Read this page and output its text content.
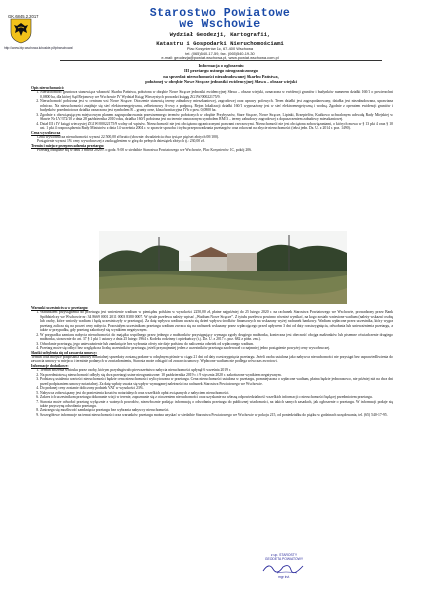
GK.6845.2.2017
http://www.bip.wschowa.lubuskie.pl/ipbwschowa/
Starostwo Powiatowe
we Wschowie
Wydział Geodezji, Kartografii,
Katastru i Gospodarki Nieruchomościami
Plac Kosynierów 1c, 67-400 Wschowa
tel. (065)540-17-59, fax. (065)540-19-30
e-mail: geodezja@powiat.wschowa.pl, www.powiat.wschowa.com.pl
Informacja o ogłoszeniu
III przetargu ustnego nieograniczonego
na sprzedaż nieruchomości niezabudowanej Skarbu Państwa,
położonej w obrębie Nowe Strącze jednostki ewidencyjnej Sława – obszar wiejski

Opis nieruchomości:

1. Nieruchomość gruntowa stanowiąca własność Skarbu Państwa, położona w obrębie Nowe Strącze jednostki ewidencyjnej Sława – obszar wiejski, oznaczona w ewidencji gruntów i budynków numerem działki 160/1 o powierzchni 0,0800 ha, dla której Sąd Rejonowy we Wschowie IV Wydział Ksiąg Wieczystych prowadzi księgę ZG1W/00022175/9.
2. Nieruchomość położona jest w centrum wsi Nowe Strącze. Otoczenie stanowią tereny zabudowy mieszkaniowej, zagrodowej oraz uprawy polowych. Teren działki jest zagospodarowany, działka jest niezabudowana, uprawiana rolniczo. Na nieruchomości znajduje się sieć elektroenergetyczna, zelbetonowy A-owy z podporą. Rejon lokalizacji działki 160/1 wyposażony jest w sieć elektroenergetyczną i wodną. Zgodnie z operatem ewidencji gruntów i budynków przedmiotowa działka oznaczona jest symbolem R – grunty orne, klasa bonitacyjna IVb o pow. 0,0800 ha.
3. Zgodnie z obowiązującym miejscowym planem zagospodarowania przestrzennego terenów położonych w obrębie Przybyszów, Stare Strącze, Nowe Strącze, Lipinki, Krzepielów, Kuźkowo uchwalonym uchwałą Rady Miejskiej w Sławie Nr LV/372/10 z dnia 28 października 2010 roku, działka 160/1 położona jest na terenie oznaczonym symbolem RM/3 – tereny zabudowy zagrodowej z dopuszczeniem zabudowy mieszkaniowej.
4. Dział III i IV księgi wieczystej ZG1W/00022175/9 wolny od wpisów. Nieruchomość nie jest obciążona ograniczonymi prawami rzeczowymi. Nieruchomość nie jest obciążona zobowiązaniami, o których mowa w § 13 pkt 4 oraz § 10 ust. 1 pkt 4 rozporządzenia Rady Ministrów z dnia 14 września 2004 r. w sprawie sposobu i trybu przeprowadzania przetargów oraz rokowań na zbycie nieruchomości (tekst jedn. Dz. U. z 2014 r. poz. 1490).

Cena wywoławcza

Cena wywoławcza nieruchomości wynosi 22 500,00 zł brutto (słownie: dwadzieścia dwa tysiące pięćset złotych 00/100).

Postąpienie wynosi 1% ceny wywoławczej z zaokrągleniem w górę do pełnych dziesiątek złotych tj.: 230,00 zł.

Termin i miejsce przeprowadzenia przetargu:

Przetarg odbędzie się w dniu 3 marca 2020 r. o godz. 9:00 w siedzibie Starostwa Powiatowego we Wschowie, Plac Kosynierów 1C, pokój 206.

Warunki uczestnictwa w przetargu:

1. Warunkiem przystąpienia do przetargu jest wniesienie wadium w pieniądzu polskim w wysokości 2250,00 zł, płatne najpóźniej do 25 lutego 2020 r. na rachunek Starostwa Powiatowego we Wschowie, prowadzony przez Bank Spółdzielczy we Wschowie nr: 34 8669 0001 2011 0003 8380 0007. W tytule przelewu należy wpisać „Wadium Nowe Strącze”. Z tytułu przelewu powinno również wynikać, na kogo zostało wniesione wadium (należy wskazać osobę lub osoby, które wniosły wadium i będą uczestniczyły w przetargu). Za datę wpływu wadium uważa się dzień wpływu środków finansowych na wskazany wyżej rachunek bankowy. Wadium wpłacone przez uczestnika, który wygra przetarg zalicza się na poczet ceny nabycia. Pozostałym uczestnikom przetargu wadium zwraca się na rachunek wskazany przez wpłacającego przed upływem 3 dni od daty rozstrzygnięcia, odwołania lub unieważnienia przetargu, a także w przypadku, gdy przetarg zakończył się wynikiem negatywnym.
2. W przypadku zamiaru nabycia nieruchomości do majątku wspólnego przez jednego z małżonków przystępujący wymaga zgody drugiego małżonka, konieczna jest obecność obojga małżonków lub pisemne oświadczenie drugiego małżonka, stosownie do art. 37 § 1 pkt 1 ustawy z dnia 25 lutego 1964 r. Kodeks rodzinny i opiekuńczy (t.j. Dz. U. z 2017 r. poz. 682 z późn. zm.).
3. Odwołanie przetargu, jego unieważnienie lub zamknięcie bez wybrania oferty nie daje podstaw do naliczenia odsetek od wpłaconego wadium.
4. Przetarg może się odbyć bez względu na liczbę uczestników przetargu, jeżeli przynajmniej jeden z uczestników przetargu zaoferował co najmniej jedno postąpienie powyżej ceny wywoławczej.

Skutki uchylenia się od zawarcia umowy:

Termin oraz miejsce podpisania umowy notarialnej sprzedaży zostaną podane w odrębnym piśmie w ciągu 21 dni od daty rozstrzygnięcia przetargu. Jeżeli osoba ustalona jako nabywca nieruchomości nie przystąpi bez usprawiedliwienia do zawarcia umowy w miejscu i terminie podanych w zawiadomieniu, Starosta może odstąpić od zawarcia umowy. Wpłacone wadium nie podlega wówczas zwrotowi.

Informacje dodatkowe:

1. Termin złożenia wniosku przez osoby, którym przysługiwało pierwszeństwo nabycia nieruchomości upłynął 6 września 2019 r.
2. Na przedmiotową nieruchomość odbyły się dwa przetargi ustne nieograniczone: 10 października 2019 r. i 9 stycznia 2020 r. zakończone wynikiem negatywnym.
3. Podstawą ustalenia wartości nieruchomości będzie cena nieruchomości wylicytowana w przetargu. Cena nieruchomości ustalona w przetargu, pomniejszona o wpłacone wadium, płatna będzie jednorazowo, nie później niż na dwa dni przed podpisaniem umowy notarialnej. Za datę wpłaty uważa się wpływ wymaganej należności na rachunek Starostwa Powiatowego we Wschowie.
4. Do podanej ceny zostanie doliczony podatek VAT w wysokości 23%.
5. Nabywca zobowiązany jest do poniesienia kosztów notarialnych oraz wszelkich opłat związanych z nabyciem nieruchomości.
6. Zakres ich uczestnikom przetargu dokonanie wizji w terenie, zapoznanie się z otoczeniem nieruchomości oraz uzyskanie na własną odpowiedzialność wszelkich informacji o nieruchomości będącej przedmiotem przetargu.
7. Starosta może odwołać przetarg wyłącznie z ważnych powodów, niezwłocznie podając informację o odwołaniu przetargu do publicznej wiadomości, na takich samych zasadach, jak ogłoszenie o przetargu. W informacji podaje się także przyczynę odwołania przetargu.
8. Zastrzega się możliwość zamknięcia przetargu bez wybrania nabywcy nieruchomości.
9. Szczegółowe informacje na temat nieruchomości oraz warunków przetargu można uzyskać w siedzibie Starostwa Powiatowego we Wschowie w pokoju 215, od poniedziałku do piątku w godzinach urzędowania, tel. (65) 540-17-95.
z up. STAROSTY
GEODETA POWIATOWY
mgr inż.
